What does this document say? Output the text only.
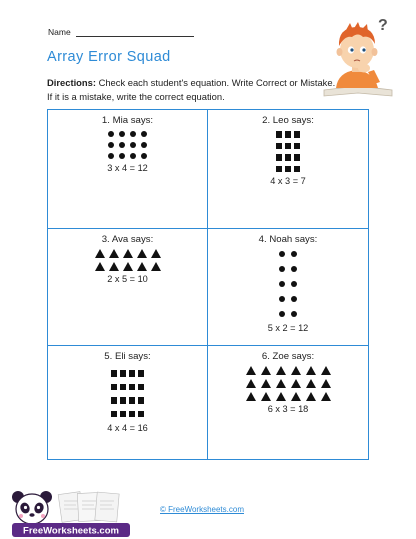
Name
Array Error Squad
?
Directions: Check each student's equation. Write Correct or Mistake. If it is a mistake, write the correct equation.
1. Mia says:
3 x 4 = 12
2. Leo says:
4 x 3 = 7
3. Ava says:
2 x 5 = 10
4. Noah says:
5 x 2 = 12
5. Eli says:
4 x 4 = 16
6. Zoe says:
6 x 3 = 18
FreeWorksheets.com
© FreeWorksheets.com
